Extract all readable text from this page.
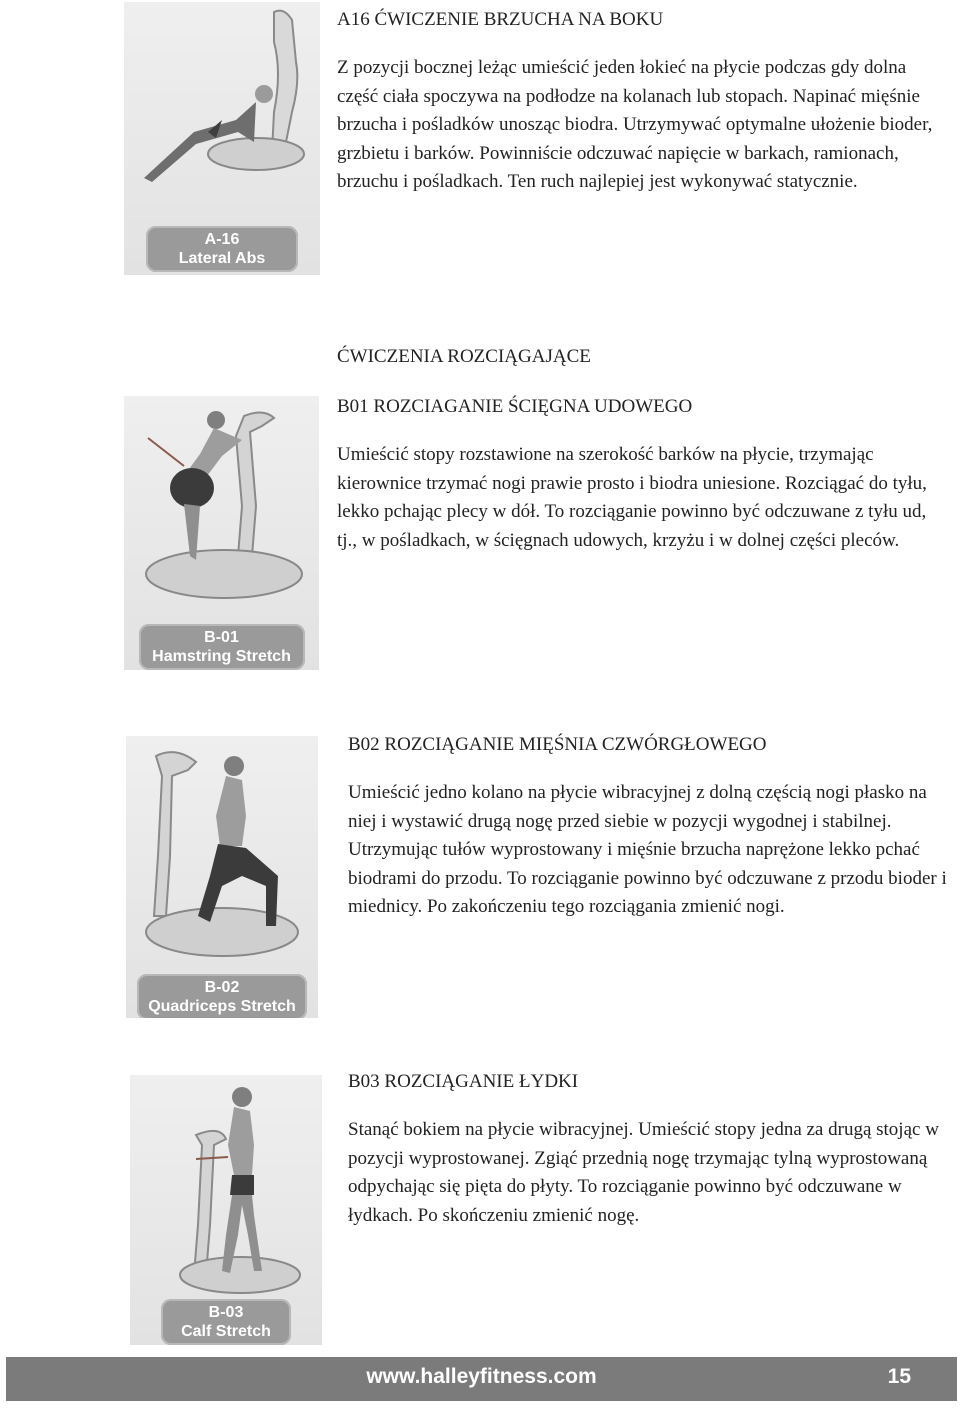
A-16
Lateral Abs

A16 ĆWICZENIE BRZUCHA NA BOKU

Z pozycji bocznej leżąc umieścić jeden łokieć na płycie podczas gdy dolna część ciała spoczywa na podłodze na kolanach lub stopach. Napinać mięśnie brzucha i pośladków unosząc biodra. Utrzymywać optymalne ułożenie bioder, grzbietu i barków. Powinniście odczuwać napięcie w barkach, ramionach, brzuchu i pośladkach. Ten ruch najlepiej jest wykonywać statycznie.

ĆWICZENIA ROZCIĄGAJĄCE
B-01
Hamstring Stretch

B01 ROZCIAGANIE ŚCIĘGNA UDOWEGO

Umieścić stopy rozstawione na szerokość barków na płycie, trzymając kierownice trzymać nogi prawie prosto i biodra uniesione. Rozciągać do tyłu, lekko pchając plecy w dół. To rozciąganie powinno być odczuwane z tyłu ud, tj., w pośladkach, w ścięgnach udowych, krzyżu i w dolnej części pleców.

B-02
Quadriceps Stretch

B02 ROZCIĄGANIE MIĘŚNIA CZWÓRGŁOWEGO

Umieścić jedno kolano na płycie wibracyjnej z dolną częścią nogi płasko na niej i wystawić drugą nogę przed siebie w pozycji wygodnej i stabilnej. Utrzymując tułów wyprostowany i mięśnie brzucha naprężone lekko pchać biodrami do przodu. To rozciąganie powinno być odczuwane z przodu bioder i miednicy. Po zakończeniu tego rozciągania zmienić nogi.

B-03
Calf Stretch

B03 ROZCIĄGANIE ŁYDKI

Stanąć bokiem na płycie wibracyjnej. Umieścić stopy jedna za drugą stojąc w pozycji wyprostowanej. Zgiąć przednią nogę trzymając tylną wyprostowaną odpychając się pięta do płyty. To rozciąganie powinno być odczuwane w łydkach. Po skończeniu zmienić nogę.

www.halleyfitness.com	15
